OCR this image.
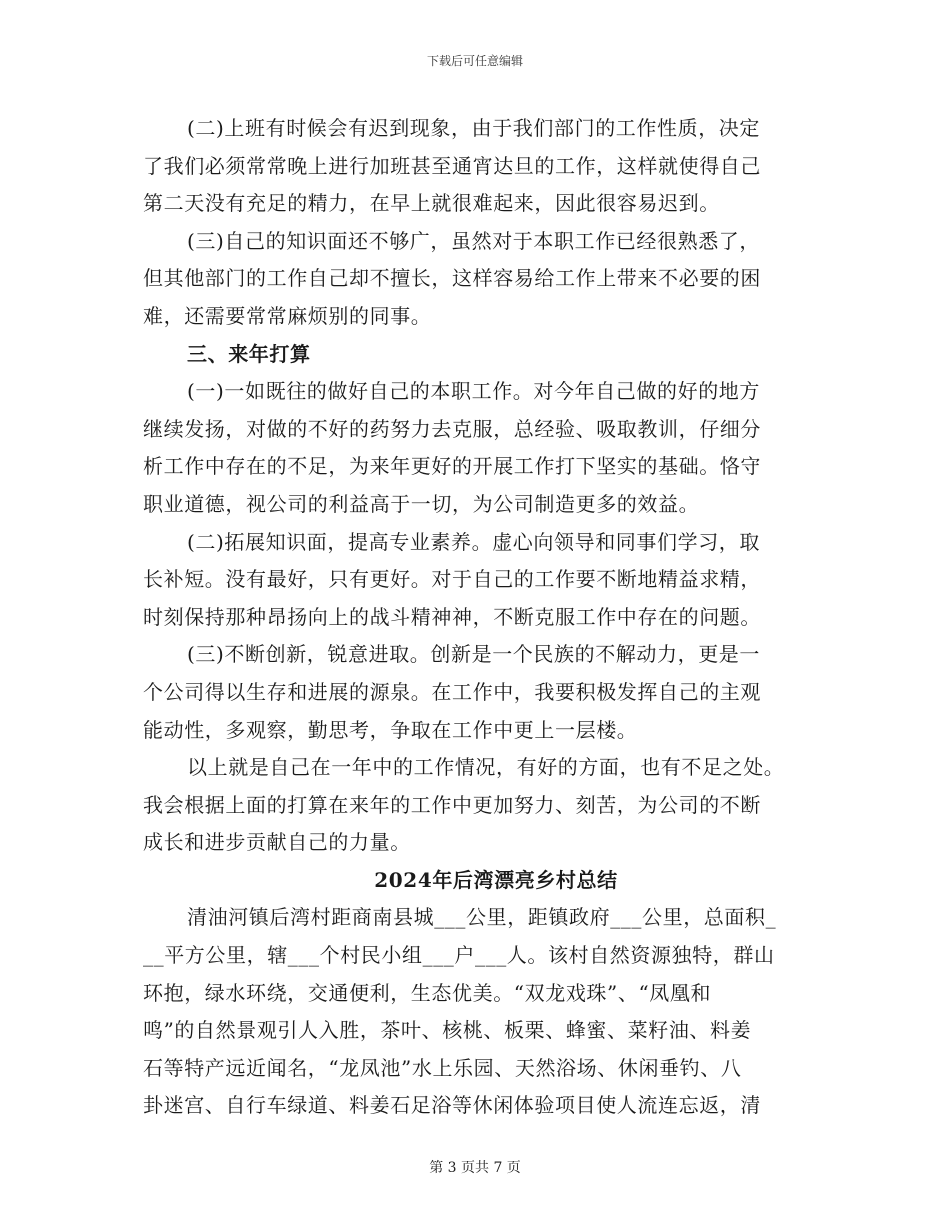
下载后可任意编辑
(二)上班有时候会有迟到现象，由于我们部门的工作性质，决定
了我们必须常常晚上进行加班甚至通宵达旦的工作，这样就使得自己
第二天没有充足的精力，在早上就很难起来，因此很容易迟到。
(三)自己的知识面还不够广，虽然对于本职工作已经很熟悉了，
但其他部门的工作自己却不擅长，这样容易给工作上带来不必要的困
难，还需要常常麻烦别的同事。
三、来年打算
(一)一如既往的做好自己的本职工作。对今年自己做的好的地方
继续发扬，对做的不好的药努力去克服，总经验、吸取教训，仔细分
析工作中存在的不足，为来年更好的开展工作打下坚实的基础。恪守
职业道德，视公司的利益高于一切，为公司制造更多的效益。
(二)拓展知识面，提高专业素养。虚心向领导和同事们学习，取
长补短。没有最好，只有更好。对于自己的工作要不断地精益求精，
时刻保持那种昂扬向上的战斗精神神，不断克服工作中存在的问题。
(三)不断创新，锐意进取。创新是一个民族的不解动力，更是一
个公司得以生存和进展的源泉。在工作中，我要积极发挥自己的主观
能动性，多观察，勤思考，争取在工作中更上一层楼。
以上就是自己在一年中的工作情况，有好的方面，也有不足之处。
我会根据上面的打算在来年的工作中更加努力、刻苦，为公司的不断
成长和进步贡献自己的力量。
2024年后湾漂亮乡村总结
清油河镇后湾村距商南县城___公里，距镇政府___公里，总面积_
__平方公里，辖___个村民小组___户___人。该村自然资源独特，群山
环抱，绿水环绕，交通便利，生态优美。“双龙戏珠”、“凤凰和
鸣”的自然景观引人入胜，茶叶、核桃、板栗、蜂蜜、菜籽油、料姜
石等特产远近闻名，“龙凤池”水上乐园、天然浴场、休闲垂钓、八
卦迷宫、自行车绿道、料姜石足浴等休闲体验项目使人流连忘返，清
第 3 页共 7 页
